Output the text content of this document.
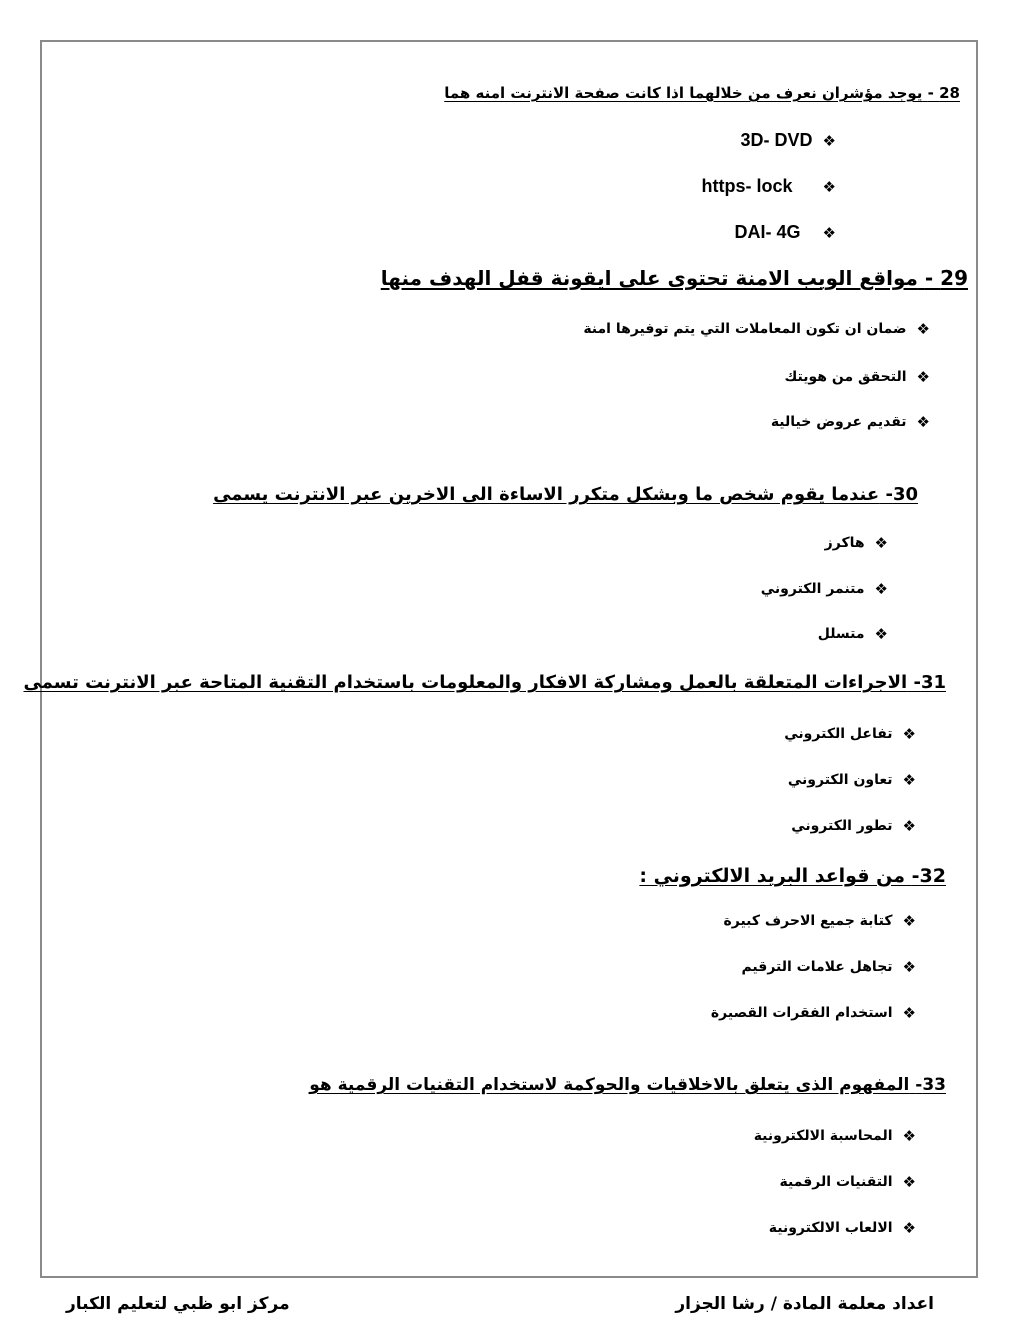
28 - يوجد مؤشران نعرف من خلالهما اذا كانت صفحة الانترنت امنه هما
❖
3D- DVD
❖
https- lock
❖
DAI- 4G
29 - مواقع الويب الامنة تحتوى على ايقونة قفل الهدف منها
❖
ضمان ان تكون المعاملات التي يتم توفيرها امنة
❖
التحقق من هويتك
❖
تقديم عروض خيالية
30- عندما يقوم شخص ما وبشكل متكرر الاساءة الى الاخرين عبر الانترنت يسمى
❖
هاكرز
❖
متنمر الكتروني
❖
متسلل
31- الاجراءات المتعلقة بالعمل ومشاركة الافكار والمعلومات باستخدام التقنية المتاحة عبر الانترنت تسمى
❖
تفاعل الكتروني
❖
تعاون الكتروني
❖
تطور الكتروني
32- من قواعد البريد الالكتروني :
❖
كتابة جميع الاحرف كبيرة
❖
تجاهل علامات الترقيم
❖
استخدام الفقرات القصيرة
33- المفهوم الذى يتعلق بالاخلاقيات والحوكمة لاستخدام التقنيات الرقمية هو
❖
المحاسبة الالكترونية
❖
التقنيات الرقمية
❖
الالعاب الالكترونية
مركز ابو ظبي لتعليم الكبار	اعداد معلمة المادة / رشا الجزار
